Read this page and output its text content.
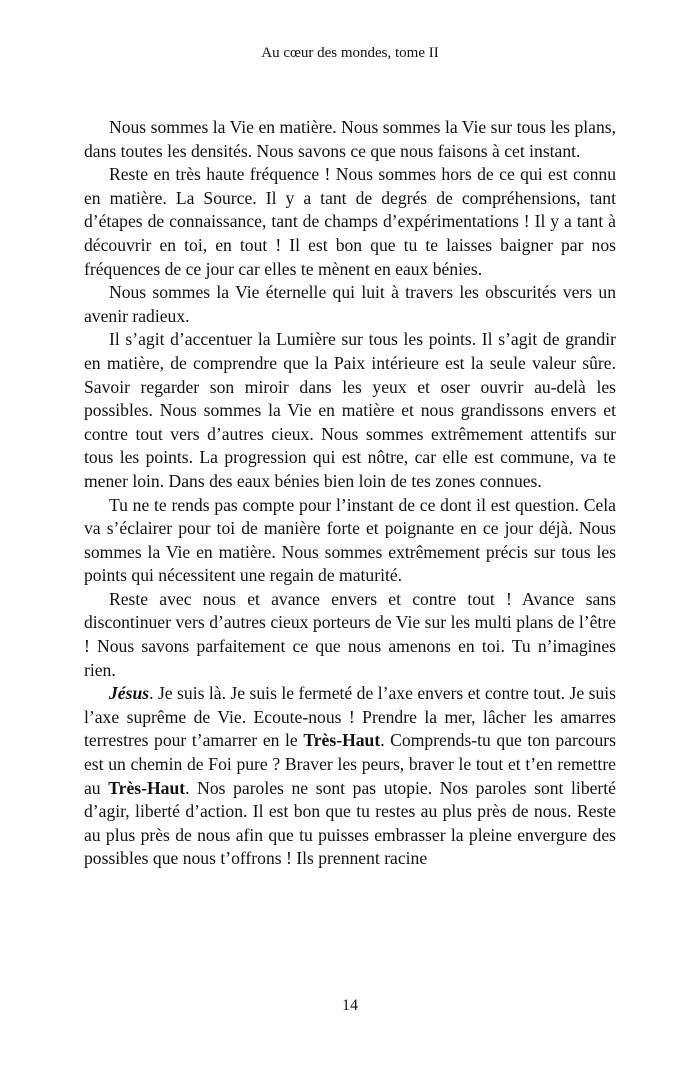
Au cœur des mondes, tome II

Nous sommes la Vie en matière. Nous sommes la Vie sur tous les plans, dans toutes les densités. Nous savons ce que nous faisons à cet instant.

Reste en très haute fréquence ! Nous sommes hors de ce qui est connu en matière. La Source. Il y a tant de degrés de compréhensions, tant d’étapes de connaissance, tant de champs d’expérimentations ! Il y a tant à découvrir en toi, en tout ! Il est bon que tu te laisses baigner par nos fréquences de ce jour car elles te mènent en eaux bénies.

Nous sommes la Vie éternelle qui luit à travers les obscurités vers un avenir radieux.

Il s’agit d’accentuer la Lumière sur tous les points. Il s’agit de grandir en matière, de comprendre que la Paix intérieure est la seule valeur sûre. Savoir regarder son miroir dans les yeux et oser ouvrir au-delà les possibles. Nous sommes la Vie en matière et nous grandissons envers et contre tout vers d’autres cieux. Nous sommes extrêmement attentifs sur tous les points. La progression qui est nôtre, car elle est commune, va te mener loin. Dans des eaux bénies bien loin de tes zones connues.

Tu ne te rends pas compte pour l’instant de ce dont il est question. Cela va s’éclairer pour toi de manière forte et poignante en ce jour déjà. Nous sommes la Vie en matière. Nous sommes extrêmement précis sur tous les points qui nécessitent une regain de maturité.

Reste avec nous et avance envers et contre tout ! Avance sans discontinuer vers d’autres cieux porteurs de Vie sur les multi plans de l’être ! Nous savons parfaitement ce que nous amenons en toi. Tu n’imagines rien.

Jésus. Je suis là. Je suis le fermeté de l’axe envers et contre tout. Je suis l’axe suprême de Vie. Ecoute-nous ! Prendre la mer, lâcher les amarres terrestres pour t’amarrer en le Très-Haut. Comprends-tu que ton parcours est un chemin de Foi pure ? Braver les peurs, braver le tout et t’en remettre au Très-Haut. Nos paroles ne sont pas utopie. Nos paroles sont liberté d’agir, liberté d’action. Il est bon que tu restes au plus près de nous. Reste au plus près de nous afin que tu puisses embrasser la pleine envergure des possibles que nous t’offrons ! Ils prennent racine

14
